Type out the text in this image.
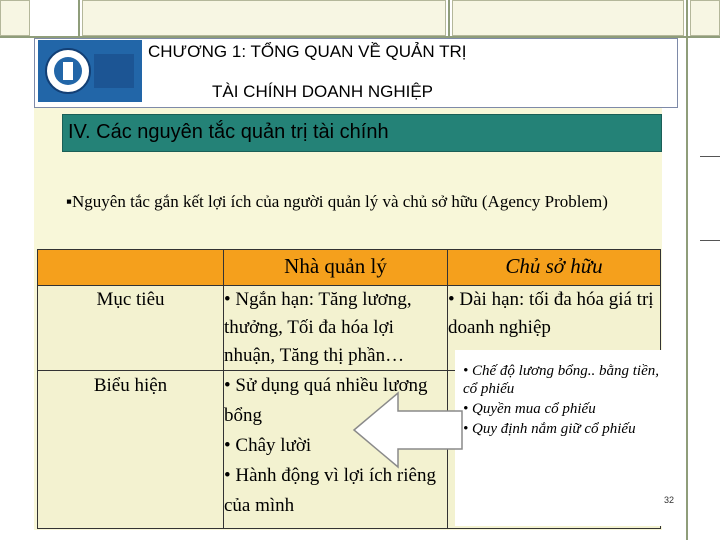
CHƯƠNG 1: TỔNG QUAN VỀ QUẢN TRỊ
TÀI CHÍNH DOANH NGHIỆP
IV. Các nguyên tắc quản trị tài chính
▪Nguyên tắc gắn kết lợi ích của người quản lý và chủ sở hữu (Agency Problem)
	Nhà quản lý	Chủ sở hữu
Mục tiêu	• Ngắn hạn: Tăng lương, thưởng, Tối đa hóa lợi nhuận, Tăng thị phần…	• Dài hạn: tối đa hóa giá trị doanh nghiệp
Biểu hiện	• Sử dụng quá nhiều lương bổng
• Chây lười
• Hành động vì lợi ích riêng của mình	

• Chế độ lương bổng.. bằng tiền, cổ phiếu
• Quyền mua cổ phiếu
• Quy định nắm giữ cổ phiếu
32
